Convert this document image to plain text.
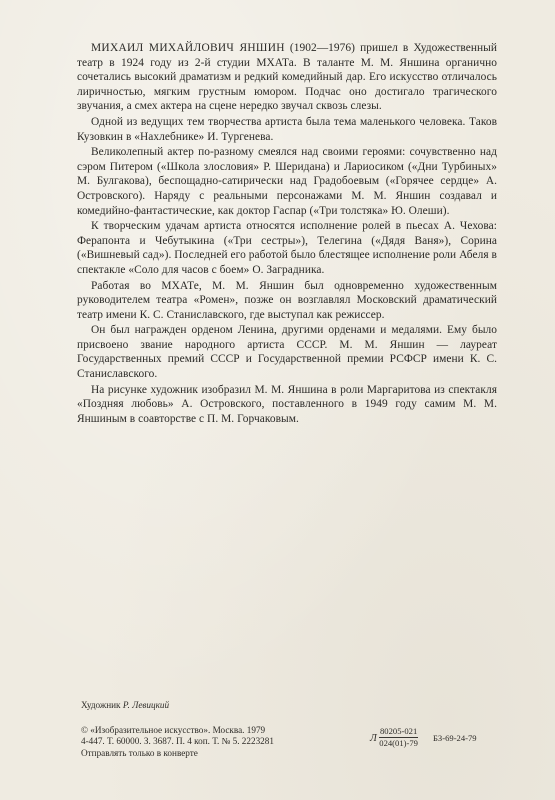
МИХАИЛ МИХАЙЛОВИЧ ЯНШИН (1902—1976) пришел в Художественный театр в 1924 году из 2-й студии МХАТа. В таланте М. М. Яншина органично сочетались высокий драматизм и редкий комедийный дар. Его искусство отличалось лиричностью, мягким грустным юмором. Подчас оно достигало трагического звучания, а смех актера на сцене нередко звучал сквозь слезы.

Одной из ведущих тем творчества артиста была тема маленького человека. Таков Кузовкин в «Нахлебнике» И. Тургенева.

Великолепный актер по-разному смеялся над своими героями: сочувственно над сэром Питером («Школа злословия» Р. Шеридана) и Лариосиком («Дни Турбиных» М. Булгакова), беспощадно-сатирически над Градобоевым («Горячее сердце» А. Островского). Наряду с реальными персонажами М. М. Яншин создавал и комедийно-фантастические, как доктор Гаспар («Три толстяка» Ю. Олеши).

К творческим удачам артиста относятся исполнение ролей в пьесах А. Чехова: Ферапонта и Чебутыкина («Три сестры»), Телегина («Дядя Ваня»), Сорина («Вишневый сад»). Последней его работой было блестящее исполнение роли Абеля в спектакле «Соло для часов с боем» О. Заградника.

Работая во МХАТе, М. М. Яншин был одновременно художественным руководителем театра «Ромен», позже он возглавлял Московский драматический театр имени К. С. Станиславского, где выступал как режиссер.

Он был награжден орденом Ленина, другими орденами и медалями. Ему было присвоено звание народного артиста СССР. М. М. Яншин — лауреат Государственных премий СССР и Государственной премии РСФСР имени К. С. Станиславского.

На рисунке художник изобразил М. М. Яншина в роли Маргаритова из спектакля «Поздняя любовь» А. Островского, поставленного в 1949 году самим М. М. Яншиным в соавторстве с П. М. Горчаковым.

Художник Р. Левицкий
© «Изобразительное искусство». Москва. 1979
4-447. Т. 60000. З. 3687. П. 4 коп. Т. № 5. 2223281
Отправлять только в конверте
Л $\frac{80205-021}{024(01)-79} БЗ-69-24-79$
